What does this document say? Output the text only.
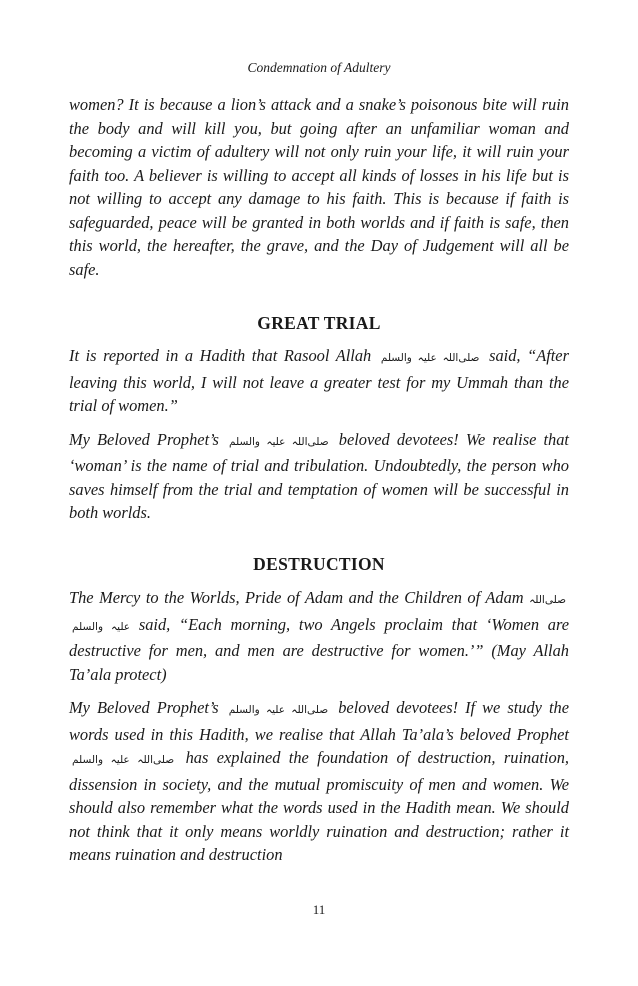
Condemnation of Adultery

women? It is because a lion’s attack and a snake’s poisonous bite will ruin the body and will kill you, but going after an unfamiliar woman and becoming a victim of adultery will not only ruin your life, it will ruin your faith too. A believer is willing to accept all kinds of losses in his life but is not willing to accept any damage to his faith. This is because if faith is safeguarded, peace will be granted in both worlds and if faith is safe, then this world, the hereafter, the grave, and the Day of Judgement will all be safe.

GREAT TRIAL

It is reported in a Hadith that Rasool Allah صلی‌اللہ علیہ والسلم said, “After leaving this world, I will not leave a greater test for my Ummah than the trial of women.”

My Beloved Prophet’s صلی‌اللہ علیہ والسلم beloved devotees! We realise that ‘woman’ is the name of trial and tribulation. Undoubtedly, the person who saves himself from the trial and temptation of women will be successful in both worlds.

DESTRUCTION

The Mercy to the Worlds, Pride of Adam and the Children of Adam صلی‌اللہ علیہ والسلم said, “Each morning, two Angels proclaim that ‘Women are destructive for men, and men are destructive for women.’” (May Allah Ta’ala protect)

My Beloved Prophet’s صلی‌اللہ علیہ والسلم beloved devotees! If we study the words used in this Hadith, we realise that Allah Ta’ala’s beloved Prophet صلی‌اللہ علیہ والسلم has explained the foundation of destruction, ruination, dissension in society, and the mutual promiscuity of men and women. We should also remember what the words used in the Hadith mean. We should not think that it only means worldly ruination and destruction; rather it means ruination and destruction

11
